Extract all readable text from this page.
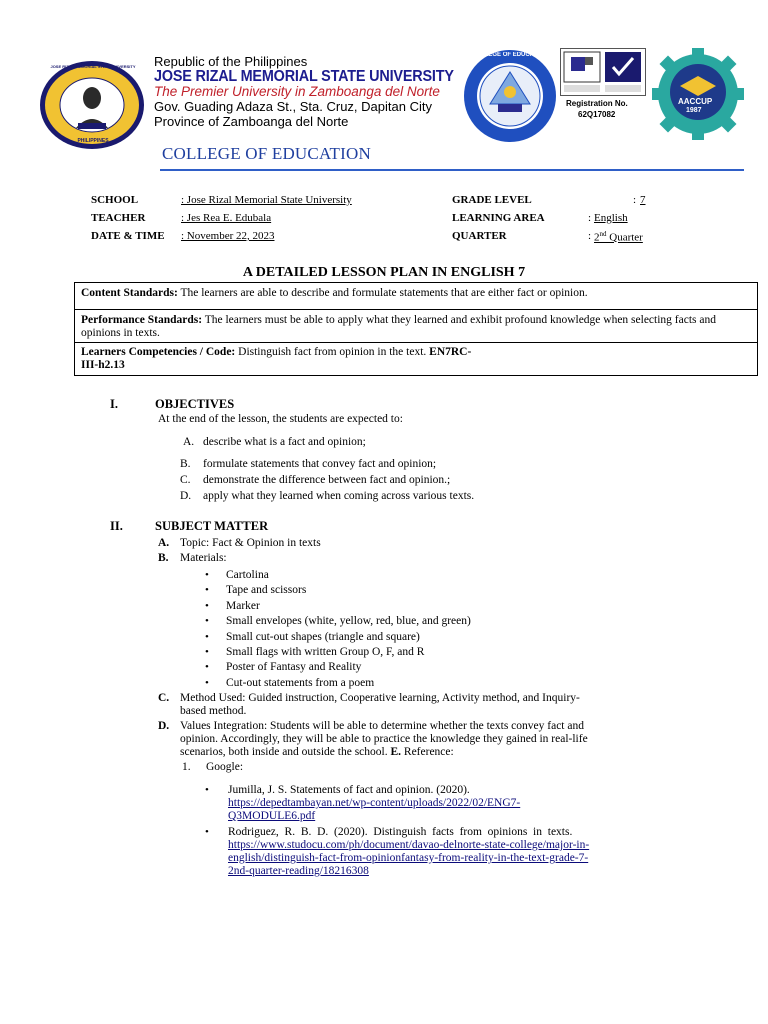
JOSE RIZAL MEMORIAL STATE UNIVERSITY
PHILIPPINES
Republic of the Philippines
JOSE RIZAL MEMORIAL STATE UNIVERSITY
The Premier University in Zamboanga del Norte
Gov. Guading Adaza St., Sta. Cruz, Dapitan City
Province of Zamboanga del Norte
COLLEGE OF EDUCATION
Registration No.
62Q17082
AACCUP
1987
COLLEGE OF EDUCATION
SCHOOL	: Jose Rizal Memorial State University
TEACHER	: Jes Rea E. Edubala
DATE & TIME : November 22, 2023
GRADE LEVEL	: 7
LEARNING AREA	: English
QUARTER	: 2nd Quarter
A DETAILED LESSON PLAN IN ENGLISH 7
Content Standards: The learners are able to describe and formulate statements that are either fact or opinion.
Performance Standards: The learners must be able to apply what they learned and exhibit profound knowledge when selecting facts and opinions in texts.
Learners Competencies / Code: Distinguish fact from opinion in the text. EN7RC-
III-h2.13
I.	OBJECTIVES
At the end of the lesson, the students are expected to:
A. describe what is a fact and opinion;
B. formulate statements that convey fact and opinion;
C. demonstrate the difference between fact and opinion.;
D. apply what they learned when coming across various texts.
II.	SUBJECT MATTER
A. Topic: Fact & Opinion in texts
B. Materials:
• Cartolina
• Tape and scissors
• Marker
• Small envelopes (white, yellow, red, blue, and green)
• Small cut-out shapes (triangle and square)
• Small flags with written Group O, F, and R
• Poster of Fantasy and Reality
• Cut-out statements from a poem
C. Method Used: Guided instruction, Cooperative learning, Activity method, and Inquiry-
based method.
D. Values Integration: Students will be able to determine whether the texts convey fact and
opinion. Accordingly, they will be able to practice the knowledge they gained in real-life
scenarios, both inside and outside the school. E. Reference:
1. Google:
• Jumilla, J. S. Statements of fact and opinion. (2020).
https://depedtambayan.net/wp-content/uploads/2022/02/ENG7-
Q3MODULE6.pdf
• Rodriguez,  R.  B.  D.  (2020).  Distinguish  facts  from  opinions  in  texts.
https://www.studocu.com/ph/document/davao-delnorte-state-college/major-in-
english/distinguish-fact-from-opinionfantasy-from-reality-in-the-text-grade-7-
2nd-quarter-reading/18216308
